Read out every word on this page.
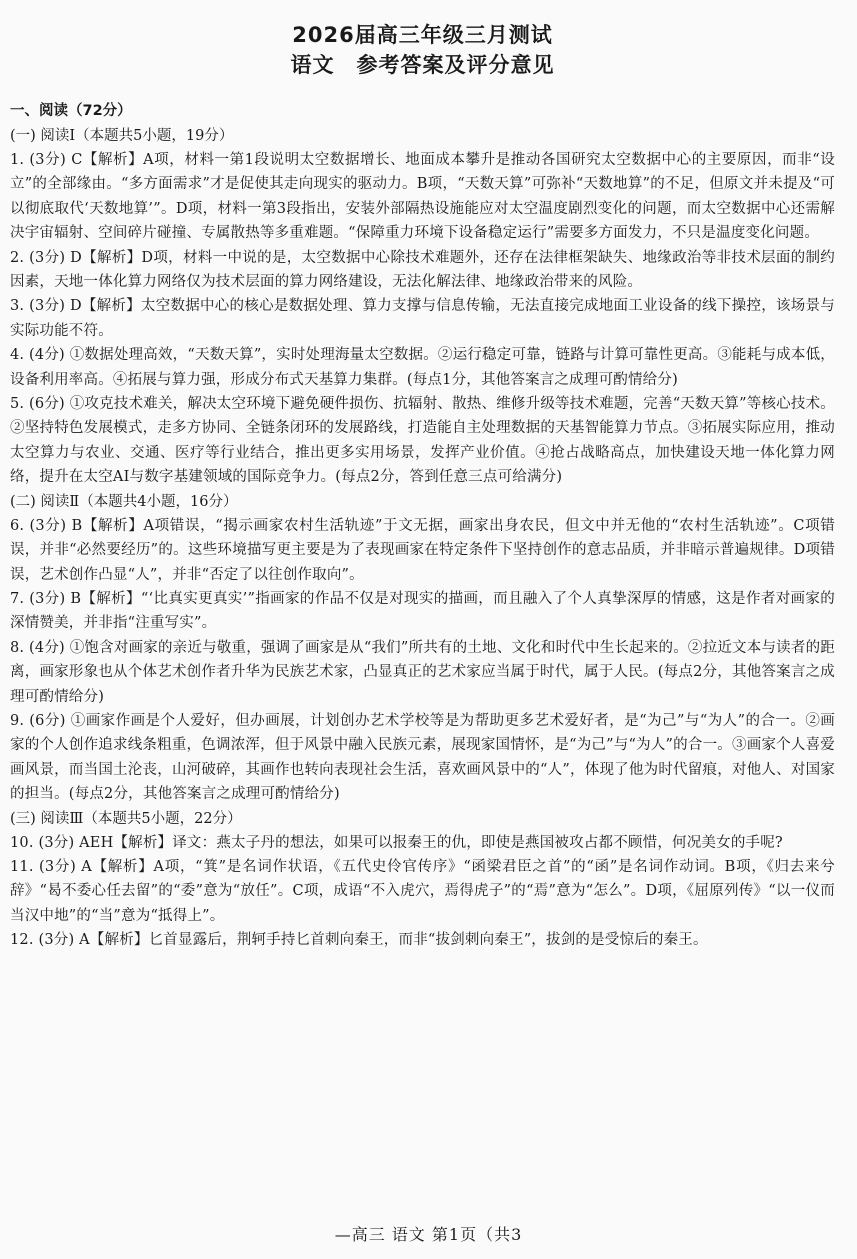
2026届高三年级三月测试
语文　参考答案及评分意见
一、阅读（72分）
(一) 阅读Ⅰ（本题共5小题，19分）

1. (3分) C【解析】A项，材料一第1段说明太空数据增长、地面成本攀升是推动各国研究太空数据中心的主要原因，而非“设立”的全部缘由。“多方面需求”才是促使其走向现实的驱动力。B项，“天数天算”可弥补“天数地算”的不足，但原文并未提及“可以彻底取代‘天数地算’”。D项，材料一第3段指出，安装外部隔热设施能应对太空温度剧烈变化的问题，而太空数据中心还需解决宇宙辐射、空间碎片碰撞、专属散热等多重难题。“保障重力环境下设备稳定运行”需要多方面发力，不只是温度变化问题。

2. (3分) D【解析】D项，材料一中说的是，太空数据中心除技术难题外，还存在法律框架缺失、地缘政治等非技术层面的制约因素，天地一体化算力网络仅为技术层面的算力网络建设，无法化解法律、地缘政治带来的风险。

3. (3分) D【解析】太空数据中心的核心是数据处理、算力支撑与信息传输，无法直接完成地面工业设备的线下操控，该场景与实际功能不符。

4. (4分) ①数据处理高效，“天数天算”，实时处理海量太空数据。②运行稳定可靠，链路与计算可靠性更高。③能耗与成本低，设备利用率高。④拓展与算力强，形成分布式天基算力集群。(每点1分，其他答案言之成理可酌情给分)

5. (6分) ①攻克技术难关，解决太空环境下避免硬件损伤、抗辐射、散热、维修升级等技术难题，完善“天数天算”等核心技术。②坚持特色发展模式，走多方协同、全链条闭环的发展路线，打造能自主处理数据的天基智能算力节点。③拓展实际应用，推动太空算力与农业、交通、医疗等行业结合，推出更多实用场景，发挥产业价值。④抢占战略高点，加快建设天地一体化算力网络，提升在太空AI与数字基建领域的国际竞争力。(每点2分，答到任意三点可给满分)

(二) 阅读Ⅱ（本题共4小题，16分）

6. (3分) B【解析】A项错误，“揭示画家农村生活轨迹”于文无据，画家出身农民，但文中并无他的“农村生活轨迹”。C项错误，并非“必然要经历”的。这些环境描写更主要是为了表现画家在特定条件下坚持创作的意志品质，并非暗示普遍规律。D项错误，艺术创作凸显“人”，并非“否定了以往创作取向”。

7. (3分) B【解析】“‘比真实更真实’”指画家的作品不仅是对现实的描画，而且融入了个人真挚深厚的情感，这是作者对画家的深情赞美，并非指“注重写实”。

8. (4分) ①饱含对画家的亲近与敬重，强调了画家是从“我们”所共有的土地、文化和时代中生长起来的。②拉近文本与读者的距离，画家形象也从个体艺术创作者升华为民族艺术家，凸显真正的艺术家应当属于时代，属于人民。(每点2分，其他答案言之成理可酌情给分)

9. (6分) ①画家作画是个人爱好，但办画展，计划创办艺术学校等是为帮助更多艺术爱好者，是“为己”与“为人”的合一。②画家的个人创作追求线条粗重，色调浓浑，但于风景中融入民族元素，展现家国情怀，是“为己”与“为人”的合一。③画家个人喜爱画风景，而当国土沦丧，山河破碎，其画作也转向表现社会生活，喜欢画风景中的“人”，体现了他为时代留痕，对他人、对国家的担当。(每点2分，其他答案言之成理可酌情给分)

(三) 阅读Ⅲ（本题共5小题，22分）

10. (3分) AEH【解析】译文：燕太子丹的想法，如果可以报秦王的仇，即使是燕国被攻占都不顾惜，何况美女的手呢?

11. (3分) A【解析】A项，“箕”是名词作状语，《五代史伶官传序》“函梁君臣之首”的“函”是名词作动词。B项，《归去来兮辞》“曷不委心任去留”的“委”意为“放任”。C项，成语“不入虎穴，焉得虎子”的“焉”意为“怎么”。D项，《屈原列传》“以一仪而当汉中地”的“当”意为“抵得上”。

12. (3分) A【解析】匕首显露后，荆轲手持匕首刺向秦王，而非“拔剑刺向秦王”，拔剑的是受惊后的秦王。

—高三 语文 第1页（共3
